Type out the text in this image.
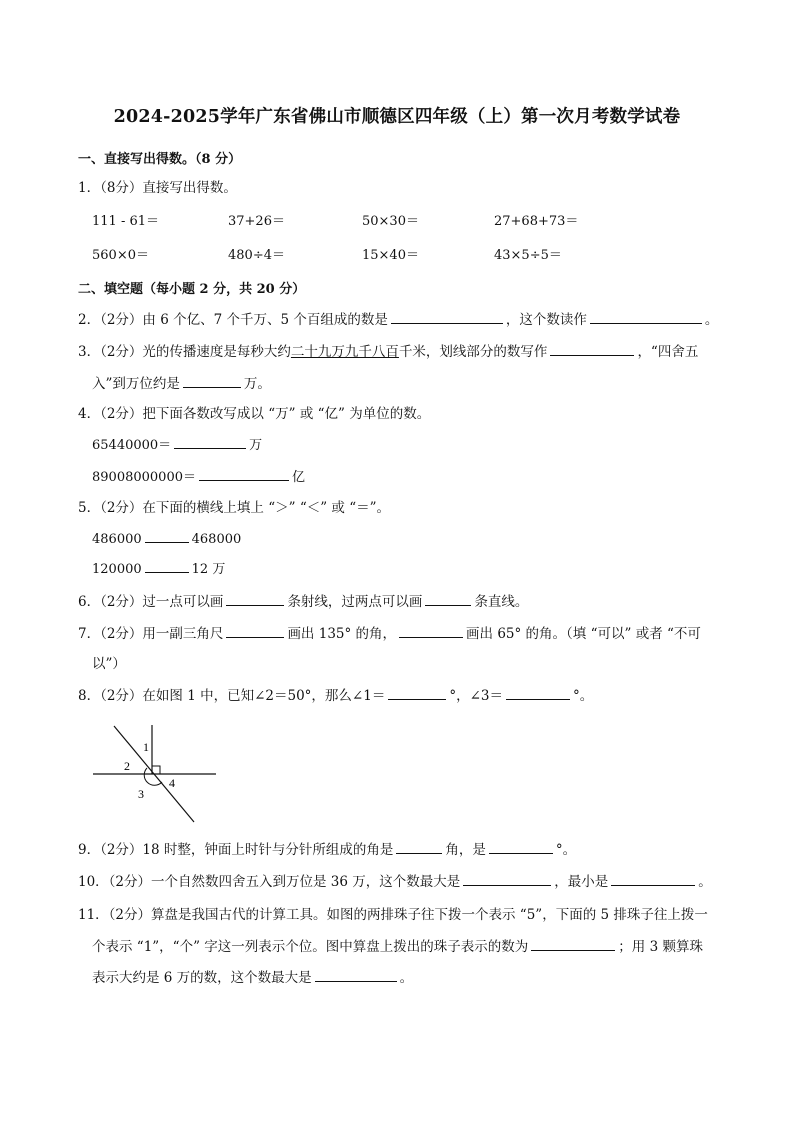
2024-2025学年广东省佛山市顺德区四年级（上）第一次月考数学试卷
一、直接写出得数。（8 分）
1．（8分）直接写出得数。
111 - 61＝	37+26＝	50×30＝	27+68+73＝
560×0＝	480÷4＝	15×40＝	43×5÷5＝
二、填空题（每小题 2 分，共 20 分）
2．（2分）由 6 个亿、7 个千万、5 个百组成的数是	，这个数读作	。
3．（2分）光的传播速度是每秒大约二十九万九千八百千米，划线部分的数写作	，“四舍五
入”到万位约是	万。
4．（2分）把下面各数改写成以 “万” 或 “亿” 为单位的数。
65440000＝	万
89008000000＝	亿
5．（2分）在下面的横线上填上 “＞” “＜” 或 “＝”。
486000	468000
120000	12 万
6．（2分）过一点可以画	条射线，过两点可以画	条直线。
7．（2分）用一副三角尺	画出 135° 的角，	画出 65° 的角。（填 “可以” 或者 “不可
以”）
8．（2分）在如图 1 中，已知∠2＝50°，那么∠1＝	°，∠3＝	°。
1
2
3
4
9．（2分）18 时整，钟面上时针与分针所组成的角是	角，是	°。
10．（2分）一个自然数四舍五入到万位是 36 万，这个数最大是	，最小是	。
11．（2分）算盘是我国古代的计算工具。如图的两排珠子往下拨一个表示 “5”，下面的 5 排珠子往上拨一
个表示 “1”，“个” 字这一列表示个位。图中算盘上拨出的珠子表示的数为	；用 3 颗算珠
表示大约是 6 万的数，这个数最大是	。
